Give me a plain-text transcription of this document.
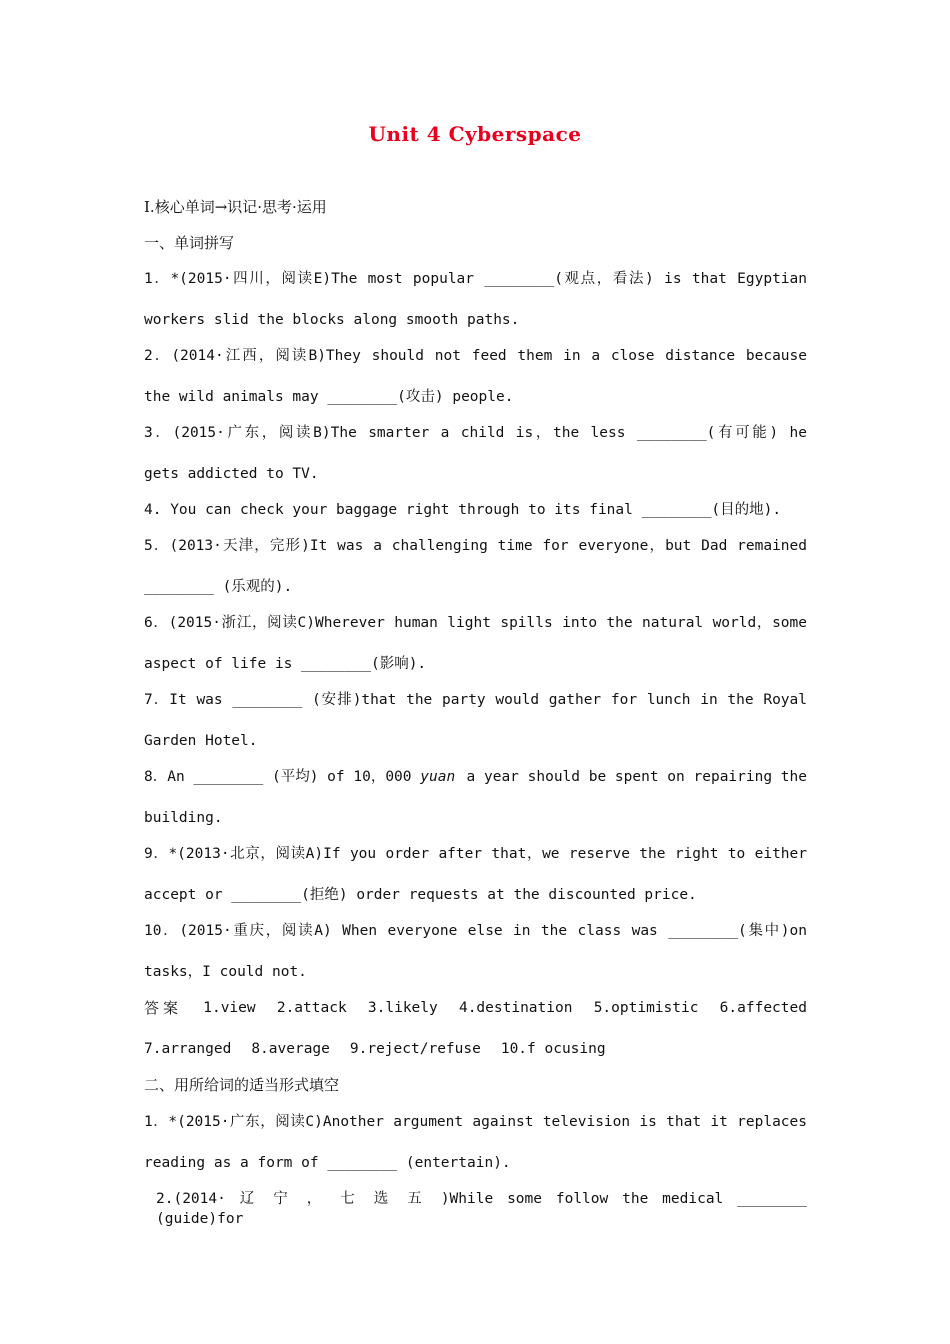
Unit 4 Cyberspace
Ⅰ.核心单词→识记·思考·运用
一、单词拼写
1．*(2015·四川，阅读E)The most popular ________(观点，看法) is that Egyptian
workers slid the blocks along smooth paths.
2．(2014·江西，阅读B)They should not feed them in a close distance because
the wild animals may ________(攻击) people.
3．(2015·广东，阅读B)The smarter a child is，the less ________(有可能) he
gets addicted to TV.
4. You can check your baggage right through to its final ________(目的地).
5．(2013·天津，完形)It was a challenging time for everyone，but Dad remained
________ (乐观的).
6．(2015·浙江，阅读C)Wherever human light spills into the natural world，some
aspect of life is ________(影响).
7．It was ________ (安排)that the party would gather for lunch in the Royal
Garden Hotel.
8．An ________ (平均) of 10，000 yuan a year should be spent on repairing the
building.
9．*(2013·北京，阅读A)If you order after that，we reserve the right to either
accept or ________(拒绝) order requests at the discounted price.
10．(2015·重庆，阅读A) When everyone else in the class was ________(集中)on
tasks，I could not.
答案 1.view 2.attack 3.likely 4.destination 5.optimistic 6.affected
7.arranged 8.average 9.reject/refuse 10.f ocusing
二、用所给词的适当形式填空
1．*(2015·广东，阅读C)Another argument against television is that it replaces
reading as a form of ________ (entertain).
2.(2014· 辽 宁 ， 七 选 五 )While some follow the medical ________ (guide)for
